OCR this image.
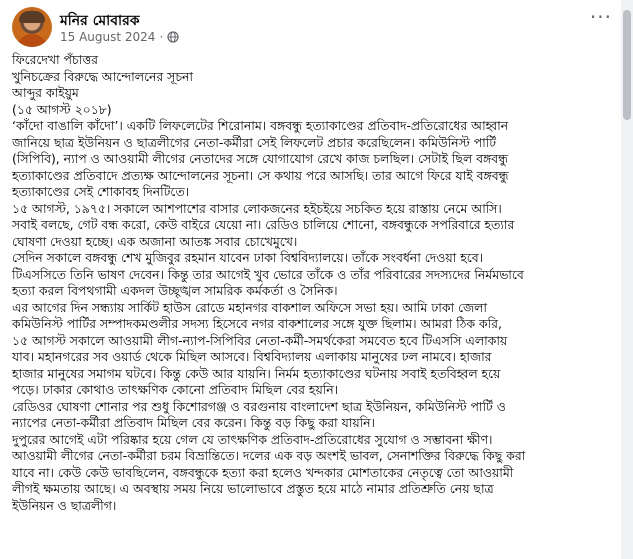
মনির মোবারক
15 August 2024 ·
···

ফিরেদেখা পঁচাত্তর

খুনিচক্রের বিরুদ্ধে আন্দোলনের সূচনা

আব্দুর কাইয়ুম

(১৫ আগস্ট ২০১৮)

‘কাঁদো বাঙালি কাঁদো’। একটি লিফলেটের শিরোনাম। বঙ্গবন্ধু হত্যাকাণ্ডের প্রতিবাদ-প্রতিরোধের আহ্বান

জানিয়ে ছাত্র ইউনিয়ন ও ছাত্রলীগের নেতা-কর্মীরা সেই লিফলেট প্রচার করেছিলেন। কমিউনিস্ট পার্টি

(সিপিবি), ন্যাপ ও আওয়ামী লীগের নেতাদের সঙ্গে যোগাযোগ রেখে কাজ চলছিল। সেটাই ছিল বঙ্গবন্ধু

হত্যাকাণ্ডের প্রতিবাদে প্রত্যক্ষ আন্দোলনের সূচনা। সে কথায় পরে আসছি। তার আগে ফিরে যাই বঙ্গবন্ধু

হত্যাকাণ্ডের সেই শোকাবহ দিনটিতে।

১৫ আগস্ট, ১৯৭৫। সকালে আশপাশের বাসার লোকজনের হইচইয়ে সচকিত হয়ে রাস্তায় নেমে আসি।

সবাই বলছে, গেট বন্ধ করো, কেউ বাইরে যেয়ো না। রেডিও চালিয়ে শোনো, বঙ্গবন্ধুকে সপরিবারে হত্যার

ঘোষণা দেওয়া হচ্ছে। এক অজানা আতঙ্ক সবার চোখেমুখে।

সেদিন সকালে বঙ্গবন্ধু শেখ মুজিবুর রহমান যাবেন ঢাকা বিশ্ববিদ্যালয়ে। তাঁকে সংবর্ধনা দেওয়া হবে।

টিএসসিতে তিনি ভাষণ দেবেন। কিন্তু তার আগেই খুব ভোরে তাঁকে ও তাঁর পরিবারের সদস্যদের নির্মমভাবে

হত্যা করল বিপথগামী একদল উচ্ছৃঙ্খল সামরিক কর্মকর্তা ও সৈনিক।

এর আগের দিন সন্ধ্যায় সার্কিট হাউস রোডে মহানগর বাকশাল অফিসে সভা হয়। আমি ঢাকা জেলা

কমিউনিস্ট পার্টির সম্পাদকমণ্ডলীর সদস্য হিসেবে নগর বাকশালের সঙ্গে যুক্ত ছিলাম। আমরা ঠিক করি,

১৫ আগস্ট সকালে আওয়ামী লীগ-ন্যাপ-সিপিবির নেতা-কর্মী-সমর্থকেরা সমবেত হবে টিএসসি এলাকায়

যাব। মহানগরের সব ওয়ার্ড থেকে মিছিল আসবে। বিশ্ববিদ্যালয় এলাকায় মানুষের ঢল নামবে। হাজার

হাজার মানুষের সমাগম ঘটবে। কিন্তু কেউ আর যায়নি। নির্মম হত্যাকাণ্ডের ঘটনায় সবাই হতবিহ্বল হয়ে

পড়ে। ঢাকার কোথাও তাৎক্ষণিক কোনো প্রতিবাদ মিছিল বের হয়নি।

রেডিওর ঘোষণা শোনার পর শুধু কিশোরগঞ্জ ও বরগুনায় বাংলাদেশ ছাত্র ইউনিয়ন, কমিউনিস্ট পার্টি ও

ন্যাপের নেতা-কর্মীরা প্রতিবাদ মিছিল বের করেন। কিন্তু বড় কিছু করা যায়নি।

দুপুরের আগেই এটা পরিষ্কার হয়ে গেল যে তাৎক্ষণিক প্রতিবাদ-প্রতিরোধের সুযোগ ও সম্ভাবনা ক্ষীণ।

আওয়ামী লীগের নেতা-কর্মীরা চরম বিভ্রান্তিতে। দলের এক বড় অংশই ভাবল, সেনাশক্তির বিরুদ্ধে কিছু করা

যাবে না। কেউ কেউ ভাবছিলেন, বঙ্গবন্ধুকে হত্যা করা হলেও খন্দকার মোশতাকের নেতৃত্বে তো আওয়ামী

লীগই ক্ষমতায় আছে। এ অবস্থায় সময় নিয়ে ভালোভাবে প্রস্তুত হয়ে মাঠে নামার প্রতিশ্রুতি নেয় ছাত্র

ইউনিয়ন ও ছাত্রলীগ।
